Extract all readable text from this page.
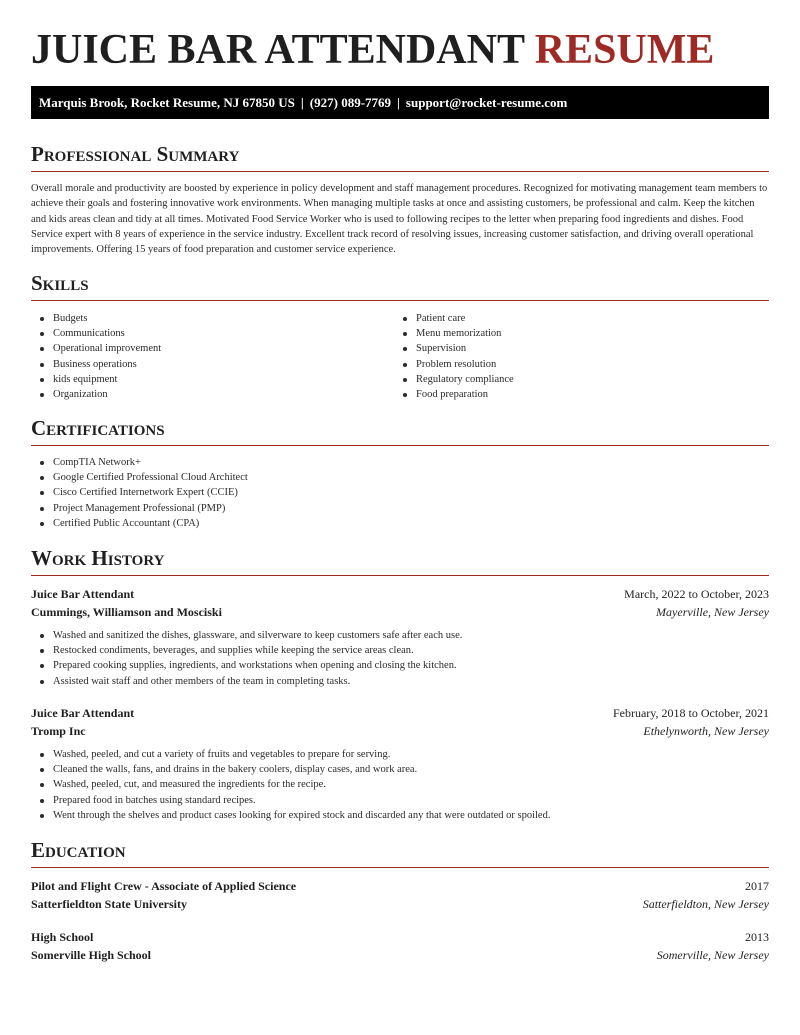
JUICE BAR ATTENDANT RESUME
Marquis Brook, Rocket Resume, NJ 67850 US | (927) 089-7769 | support@rocket-resume.com
Professional Summary
Overall morale and productivity are boosted by experience in policy development and staff management procedures. Recognized for motivating management team members to achieve their goals and fostering innovative work environments. When managing multiple tasks at once and assisting customers, be professional and calm. Keep the kitchen and kids areas clean and tidy at all times. Motivated Food Service Worker who is used to following recipes to the letter when preparing food ingredients and dishes. Food Service expert with 8 years of experience in the service industry. Excellent track record of resolving issues, increasing customer satisfaction, and driving overall operational improvements. Offering 15 years of food preparation and customer service experience.
Skills
Budgets
Communications
Operational improvement
Business operations
kids equipment
Organization
Patient care
Menu memorization
Supervision
Problem resolution
Regulatory compliance
Food preparation
Certifications
CompTIA Network+
Google Certified Professional Cloud Architect
Cisco Certified Internetwork Expert (CCIE)
Project Management Professional (PMP)
Certified Public Accountant (CPA)
Work History
Juice Bar Attendant	March, 2022 to October, 2023
Cummings, Williamson and Mosciski	Mayerville, New Jersey
Washed and sanitized the dishes, glassware, and silverware to keep customers safe after each use.
Restocked condiments, beverages, and supplies while keeping the service areas clean.
Prepared cooking supplies, ingredients, and workstations when opening and closing the kitchen.
Assisted wait staff and other members of the team in completing tasks.
Juice Bar Attendant	February, 2018 to October, 2021
Tromp Inc	Ethelynworth, New Jersey
Washed, peeled, and cut a variety of fruits and vegetables to prepare for serving.
Cleaned the walls, fans, and drains in the bakery coolers, display cases, and work area.
Washed, peeled, cut, and measured the ingredients for the recipe.
Prepared food in batches using standard recipes.
Went through the shelves and product cases looking for expired stock and discarded any that were outdated or spoiled.
Education
Pilot and Flight Crew - Associate of Applied Science	2017
Satterfieldton State University	Satterfieldton, New Jersey
High School	2013
Somerville High School	Somerville, New Jersey
